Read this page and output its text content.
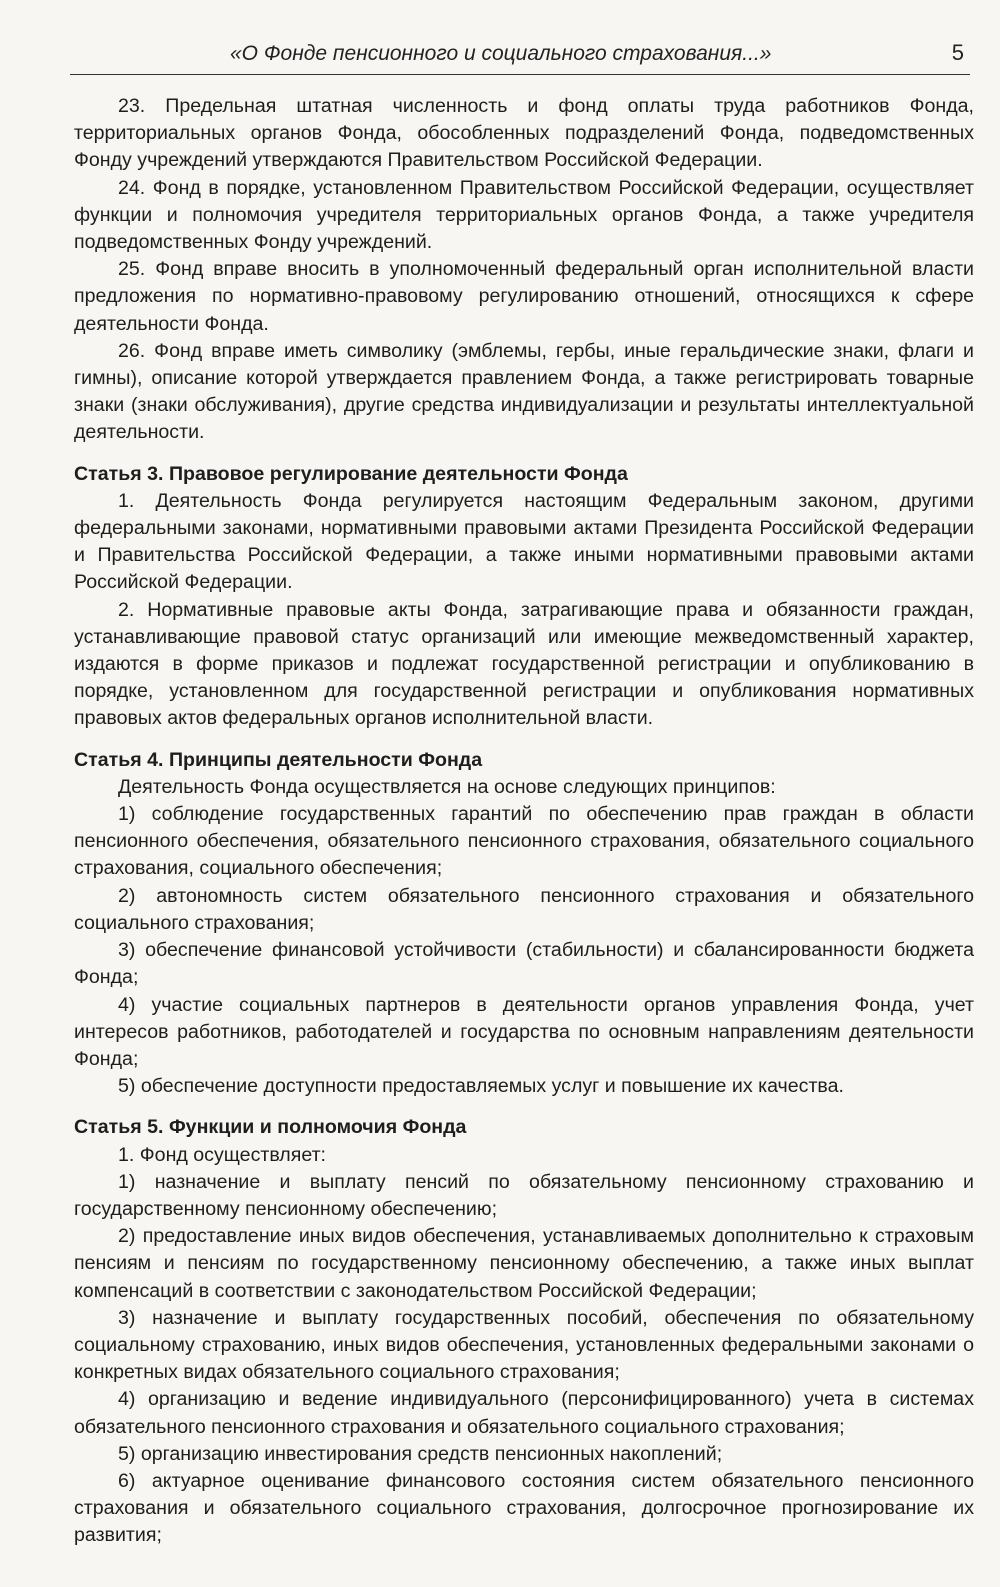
«О Фонде пенсионного и социального страхования...»	5

23. Предельная штатная численность и фонд оплаты труда работников Фонда, территориальных органов Фонда, обособленных подразделений Фонда, подведомственных Фонду учреждений утверждаются Правительством Российской Федерации.

24. Фонд в порядке, установленном Правительством Российской Федерации, осуществляет функции и полномочия учредителя территориальных органов Фонда, а также учредителя подведомственных Фонду учреждений.

25. Фонд вправе вносить в уполномоченный федеральный орган исполнительной власти предложения по нормативно-правовому регулированию отношений, относящихся к сфере деятельности Фонда.

26. Фонд вправе иметь символику (эмблемы, гербы, иные геральдические знаки, флаги и гимны), описание которой утверждается правлением Фонда, а также регистрировать товарные знаки (знаки обслуживания), другие средства индивидуализации и результаты интеллектуальной деятельности.

Статья 3. Правовое регулирование деятельности Фонда

1. Деятельность Фонда регулируется настоящим Федеральным законом, другими федеральными законами, нормативными правовыми актами Президента Российской Федерации и Правительства Российской Федерации, а также иными нормативными правовыми актами Российской Федерации.

2. Нормативные правовые акты Фонда, затрагивающие права и обязанности граждан, устанавливающие правовой статус организаций или имеющие межведомственный характер, издаются в форме приказов и подлежат государственной регистрации и опубликованию в порядке, установленном для государственной регистрации и опубликования нормативных правовых актов федеральных органов исполнительной власти.

Статья 4. Принципы деятельности Фонда

Деятельность Фонда осуществляется на основе следующих принципов:

1) соблюдение государственных гарантий по обеспечению прав граждан в области пенсионного обеспечения, обязательного пенсионного страхования, обязательного социального страхования, социального обеспечения;

2) автономность систем обязательного пенсионного страхования и обязательного социального страхования;

3) обеспечение финансовой устойчивости (стабильности) и сбалансированности бюджета Фонда;

4) участие социальных партнеров в деятельности органов управления Фонда, учет интересов работников, работодателей и государства по основным направлениям деятельности Фонда;

5) обеспечение доступности предоставляемых услуг и повышение их качества.

Статья 5. Функции и полномочия Фонда

1. Фонд осуществляет:

1) назначение и выплату пенсий по обязательному пенсионному страхованию и государственному пенсионному обеспечению;

2) предоставление иных видов обеспечения, устанавливаемых дополнительно к страховым пенсиям и пенсиям по государственному пенсионному обеспечению, а также иных выплат компенсаций в соответствии с законодательством Российской Федерации;

3) назначение и выплату государственных пособий, обеспечения по обязательному социальному страхованию, иных видов обеспечения, установленных федеральными законами о конкретных видах обязательного социального страхования;

4) организацию и ведение индивидуального (персонифицированного) учета в системах обязательного пенсионного страхования и обязательного социального страхования;

5) организацию инвестирования средств пенсионных накоплений;

6) актуарное оценивание финансового состояния систем обязательного пенсионного страхования и обязательного социального страхования, долгосрочное прогнозирование их развития;
